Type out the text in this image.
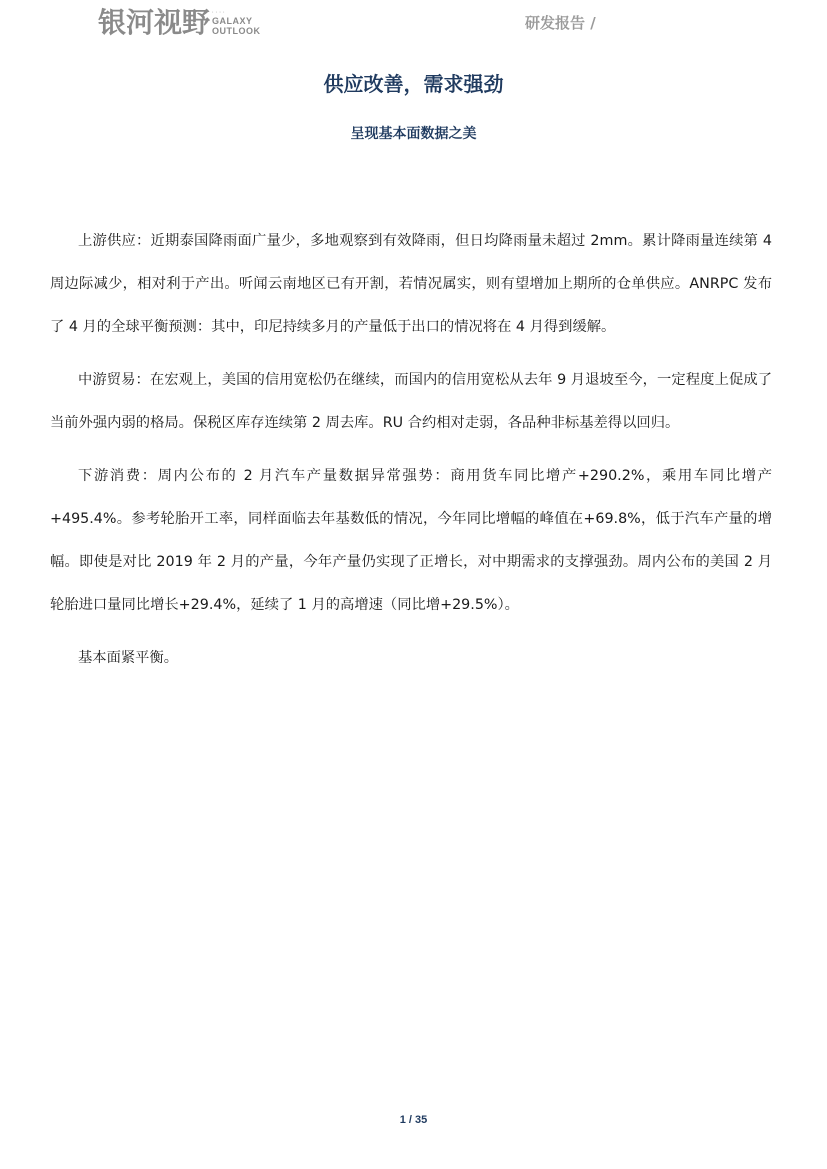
银河视野 ····
GALAXY
OUTLOOK	研发报告 /
供应改善，需求强劲
呈现基本面数据之美

上游供应：近期泰国降雨面广量少，多地观察到有效降雨，但日均降雨量未超过 2mm。累计降雨量连续第 4 周边际减少，相对利于产出。听闻云南地区已有开割，若情况属实，则有望增加上期所的仓单供应。ANRPC 发布了 4 月的全球平衡预测：其中，印尼持续多月的产量低于出口的情况将在 4 月得到缓解。

中游贸易：在宏观上，美国的信用宽松仍在继续，而国内的信用宽松从去年 9 月退坡至今，一定程度上促成了当前外强内弱的格局。保税区库存连续第 2 周去库。RU 合约相对走弱，各品种非标基差得以回归。

下游消费：周内公布的 2 月汽车产量数据异常强势：商用货车同比增产+290.2%，乘用车同比增产+495.4%。参考轮胎开工率，同样面临去年基数低的情况，今年同比增幅的峰值在+69.8%，低于汽车产量的增幅。即使是对比 2019 年 2 月的产量，今年产量仍实现了正增长，对中期需求的支撑强劲。周内公布的美国 2 月轮胎进口量同比增长+29.4%，延续了 1 月的高增速（同比增+29.5%）。

基本面紧平衡。

1 / 35
